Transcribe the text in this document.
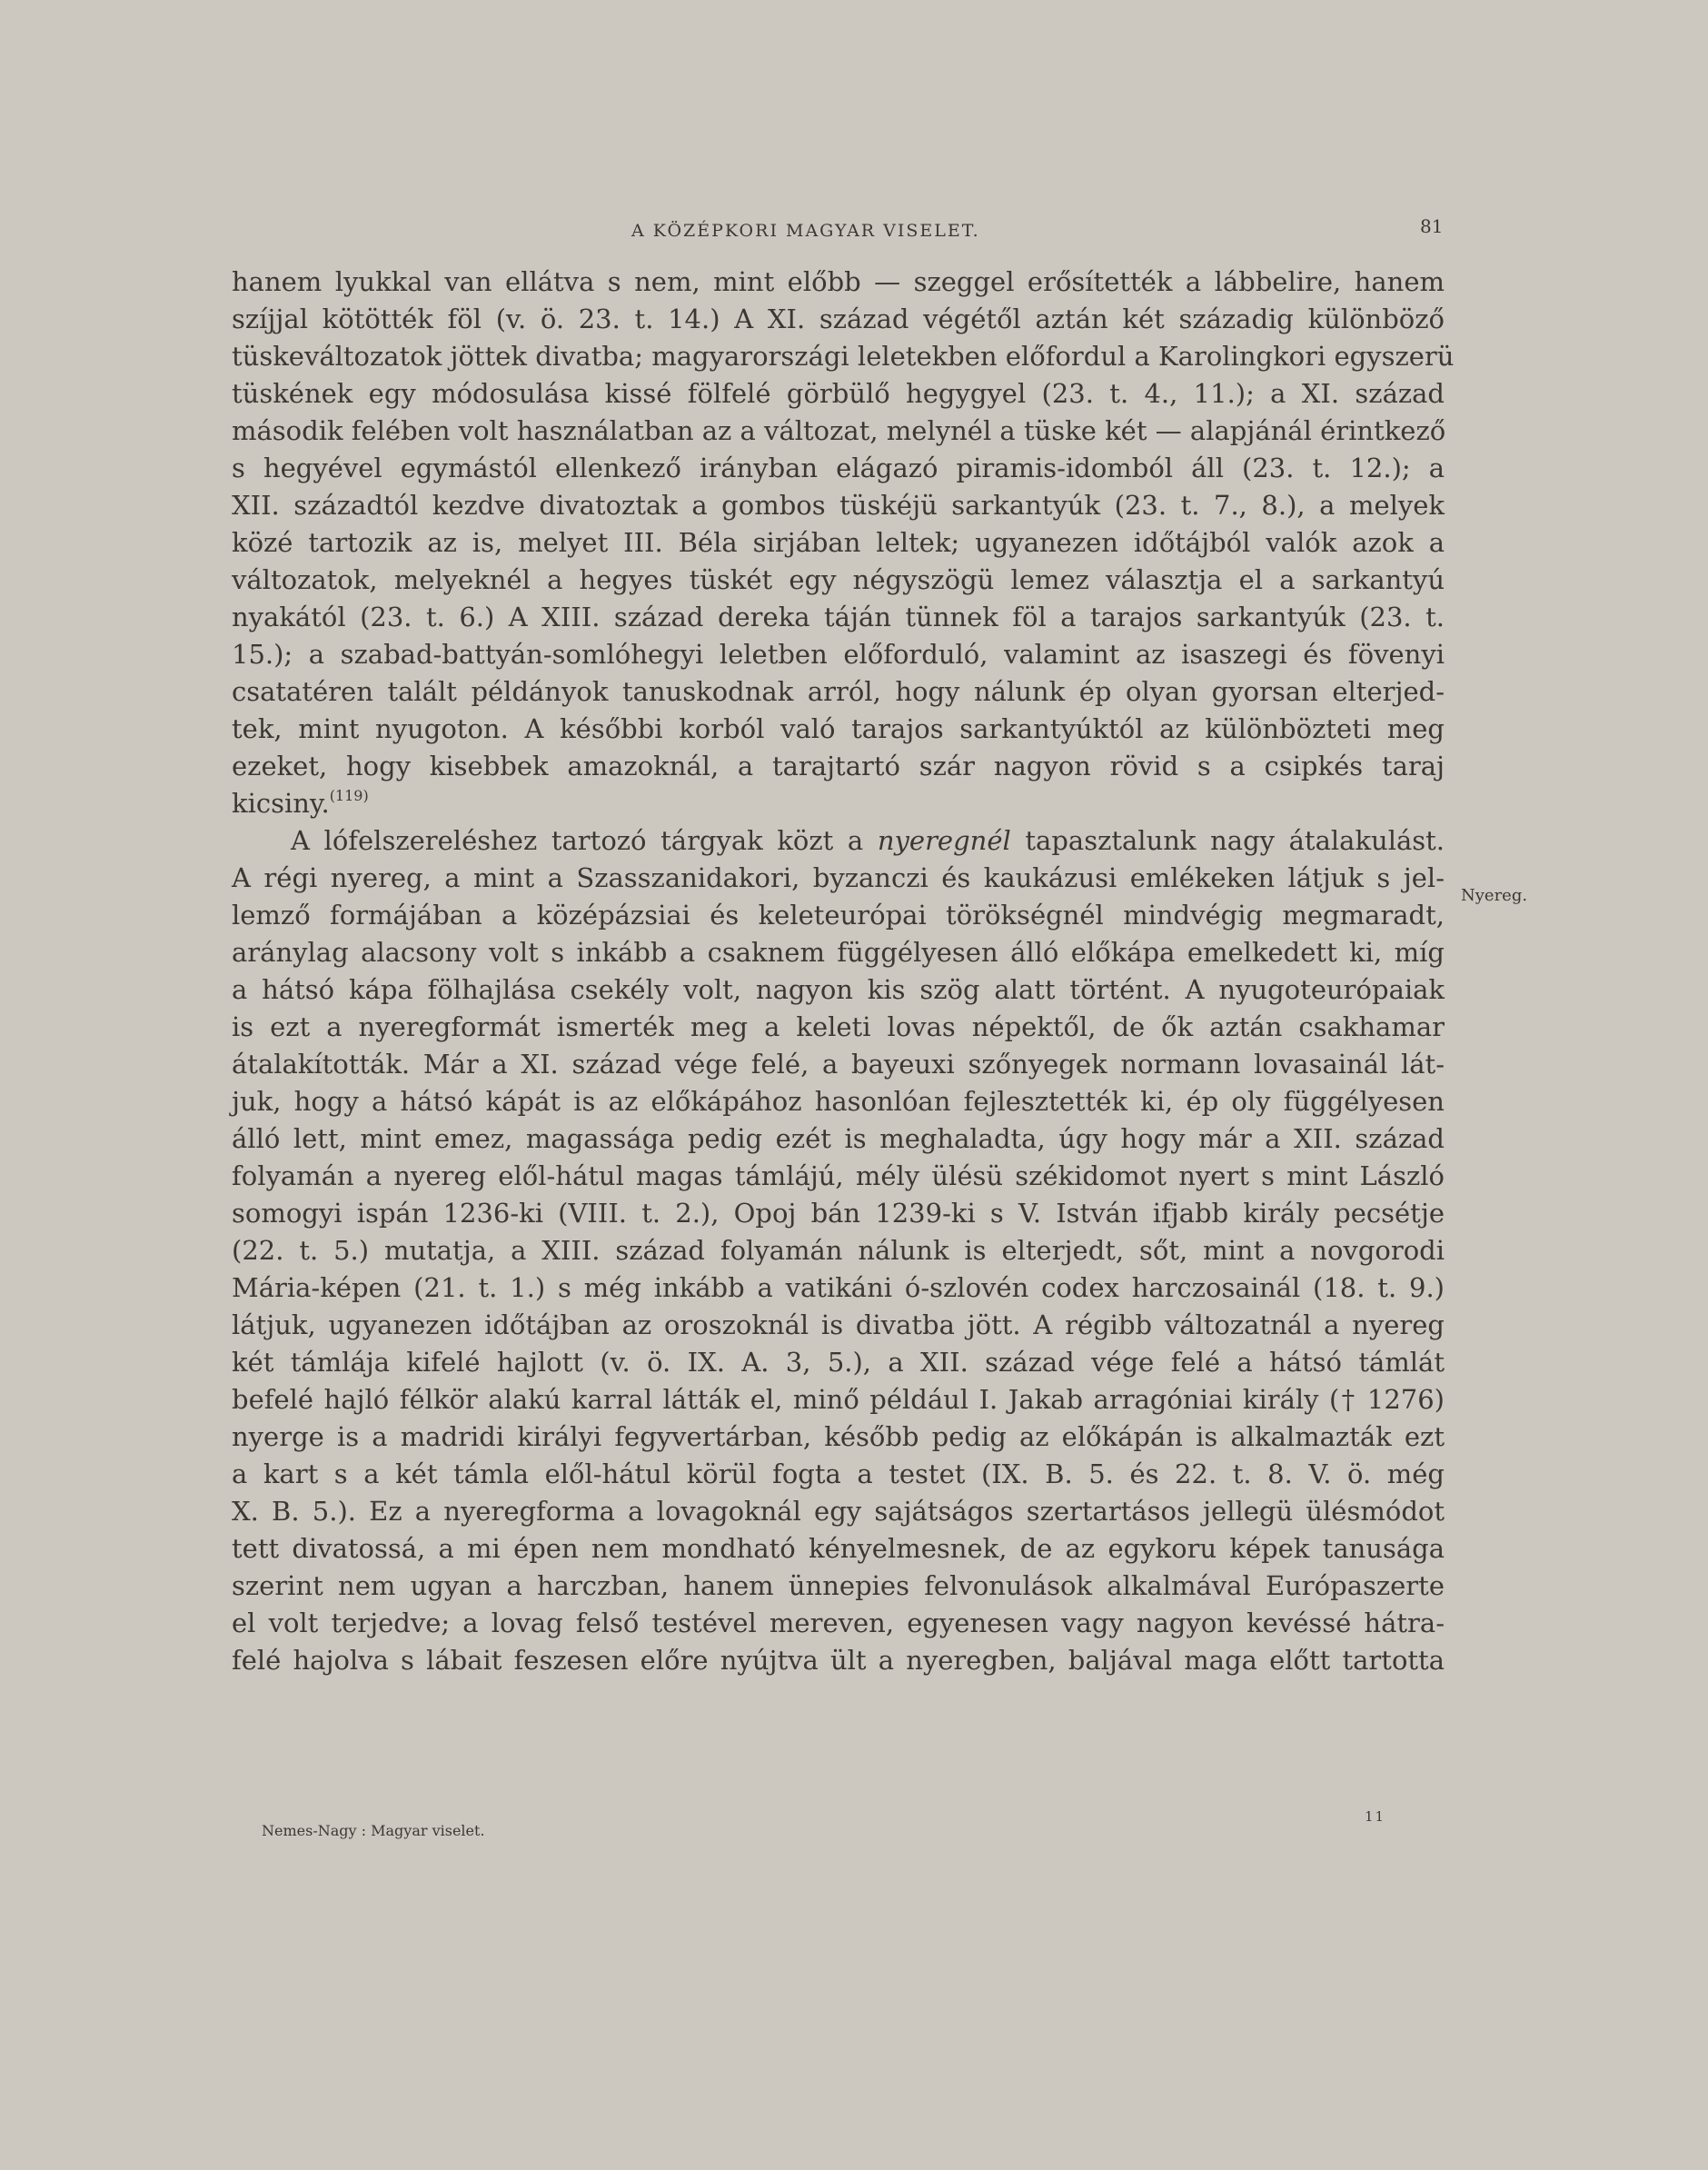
A KÖZÉPKORI MAGYAR VISELET.	81
hanem lyukkal van ellátva s nem, mint előbb — szeggel erősítették a lábbelire, hanem
szíjjal kötötték föl (v. ö. 23. t. 14.) A XI. század végétől aztán két századig különböző
tüskeváltozatok jöttek divatba; magyarországi leletekben előfordul a Karolingkori egyszerü
tüskének egy módosulása kissé fölfelé görbülő hegygyel (23. t. 4., 11.); a XI. század
második felében volt használatban az a változat, melynél a tüske két — alapjánál érintkező
s hegyével egymástól ellenkező irányban elágazó piramis-idomból áll (23. t. 12.); a
XII. századtól kezdve divatoztak a gombos tüskéjü sarkantyúk (23. t. 7., 8.), a melyek
közé tartozik az is, melyet III. Béla sirjában leltek; ugyanezen időtájból valók azok a
változatok, melyeknél a hegyes tüskét egy négyszögü lemez választja el a sarkantyú
nyakától (23. t. 6.) A XIII. század dereka táján tünnek föl a tarajos sarkantyúk (23. t.
15.); a szabad-battyán-somlóhegyi leletben előforduló, valamint az isaszegi és fövenyi
csatatéren talált példányok tanuskodnak arról, hogy nálunk ép olyan gyorsan elterjed-
tek, mint nyugoton. A későbbi korból való tarajos sarkantyúktól az különbözteti meg
ezeket, hogy kisebbek amazoknál, a tarajtartó szár nagyon rövid s a csipkés taraj
kicsiny.$^{(119)}$
A lófelszereléshez tartozó tárgyak közt a nyeregnél tapasztalunk nagy átalakulást.
A régi nyereg, a mint a Szasszanidakori, byzanczi és kaukázusi emlékeken látjuk s jel-
lemző formájában a középázsiai és keleteurópai törökségnél mindvégig megmaradt,
aránylag alacsony volt s inkább a csaknem függélyesen álló előkápa emelkedett ki, míg
a hátsó kápa fölhajlása csekély volt, nagyon kis szög alatt történt. A nyugoteurópaiak
is ezt a nyeregformát ismerték meg a keleti lovas népektől, de ők aztán csakhamar
átalakították. Már a XI. század vége felé, a bayeuxi szőnyegek normann lovasainál lát-
juk, hogy a hátsó kápát is az előkápához hasonlóan fejlesztették ki, ép oly függélyesen
álló lett, mint emez, magassága pedig ezét is meghaladta, úgy hogy már a XII. század
folyamán a nyereg elől-hátul magas támlájú, mély ülésü székidomot nyert s mint László
somogyi ispán 1236-ki (VIII. t. 2.), Opoj bán 1239-ki s V. István ifjabb király pecsétje
(22. t. 5.) mutatja, a XIII. század folyamán nálunk is elterjedt, sőt, mint a novgorodi
Mária-képen (21. t. 1.) s még inkább a vatikáni ó-szlovén codex harczosainál (18. t. 9.)
látjuk, ugyanezen időtájban az oroszoknál is divatba jött. A régibb változatnál a nyereg
két támlája kifelé hajlott (v. ö. IX. A. 3, 5.), a XII. század vége felé a hátsó támlát
befelé hajló félkör alakú karral látták el, minő például I. Jakab arragóniai király († 1276)
nyerge is a madridi királyi fegyvertárban, később pedig az előkápán is alkalmazták ezt
a kart s a két támla elől-hátul körül fogta a testet (IX. B. 5. és 22. t. 8. V. ö. még
X. B. 5.). Ez a nyeregforma a lovagoknál egy sajátságos szertartásos jellegü ülésmódot
tett divatossá, a mi épen nem mondható kényelmesnek, de az egykoru képek tanusága
szerint nem ugyan a harczban, hanem ünnepies felvonulások alkalmával Európaszerte
el volt terjedve; a lovag felső testével mereven, egyenesen vagy nagyon kevéssé hátra-
felé hajolva s lábait feszesen előre nyújtva ült a nyeregben, baljával maga előtt tartotta
Nyereg.
11
Nemes-Nagy : Magyar viselet.
